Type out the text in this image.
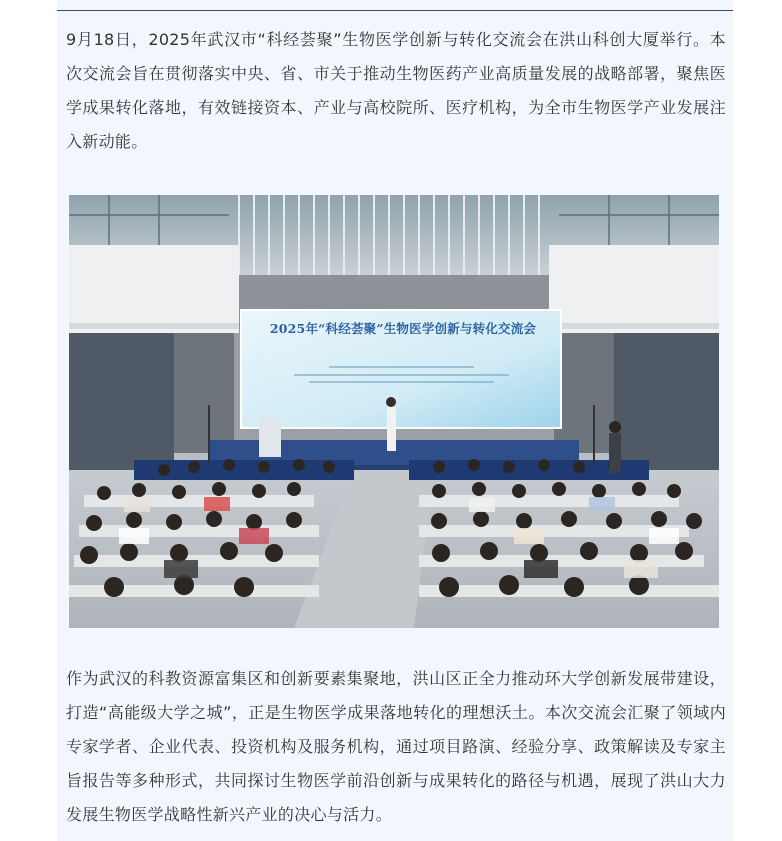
9月18日，2025年武汉市“科经荟聚”生物医学创新与转化交流会在洪山科创大厦举行。本次交流会旨在贯彻落实中央、省、市关于推动生物医药产业高质量发展的战略部署，聚焦医学成果转化落地，有效链接资本、产业与高校院所、医疗机构，为全市生物医学产业发展注入新动能。

2025年“科经荟聚”生物医学创新与转化交流会

作为武汉的科教资源富集区和创新要素集聚地，洪山区正全力推动环大学创新发展带建设，打造“高能级大学之城”，正是生物医学成果落地转化的理想沃土。本次交流会汇聚了领域内专家学者、企业代表、投资机构及服务机构，通过项目路演、经验分享、政策解读及专家主旨报告等多种形式，共同探讨生物医学前沿创新与成果转化的路径与机遇，展现了洪山大力发展生物医学战略性新兴产业的决心与活力。
